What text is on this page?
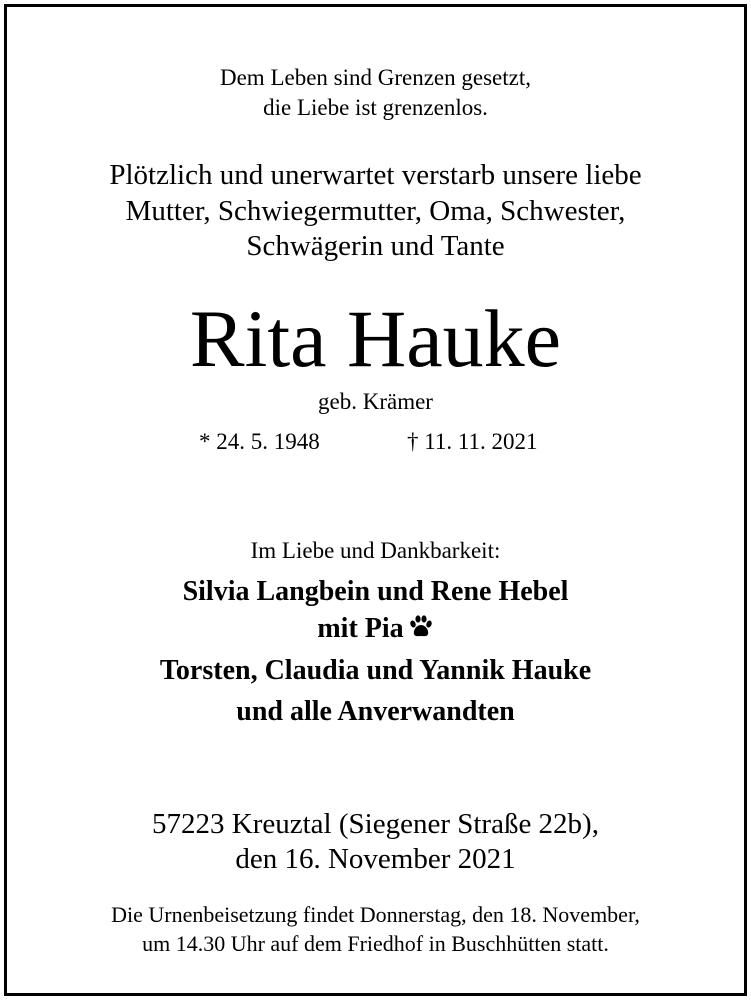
Dem Leben sind Grenzen gesetzt,
die Liebe ist grenzenlos.
Plötzlich und unerwartet verstarb unsere liebe
Mutter, Schwiegermutter, Oma, Schwester,
Schwägerin und Tante
Rita Hauke
geb. Krämer
* 24. 5. 1948	† 11. 11. 2021
Im Liebe und Dankbarkeit:
Silvia Langbein und Rene Hebel
mit Pia
Torsten, Claudia und Yannik Hauke
und alle Anverwandten
57223 Kreuztal (Siegener Straße 22b),
den 16. November 2021
Die Urnenbeisetzung findet Donnerstag, den 18. November,
um 14.30 Uhr auf dem Friedhof in Buschhütten statt.
